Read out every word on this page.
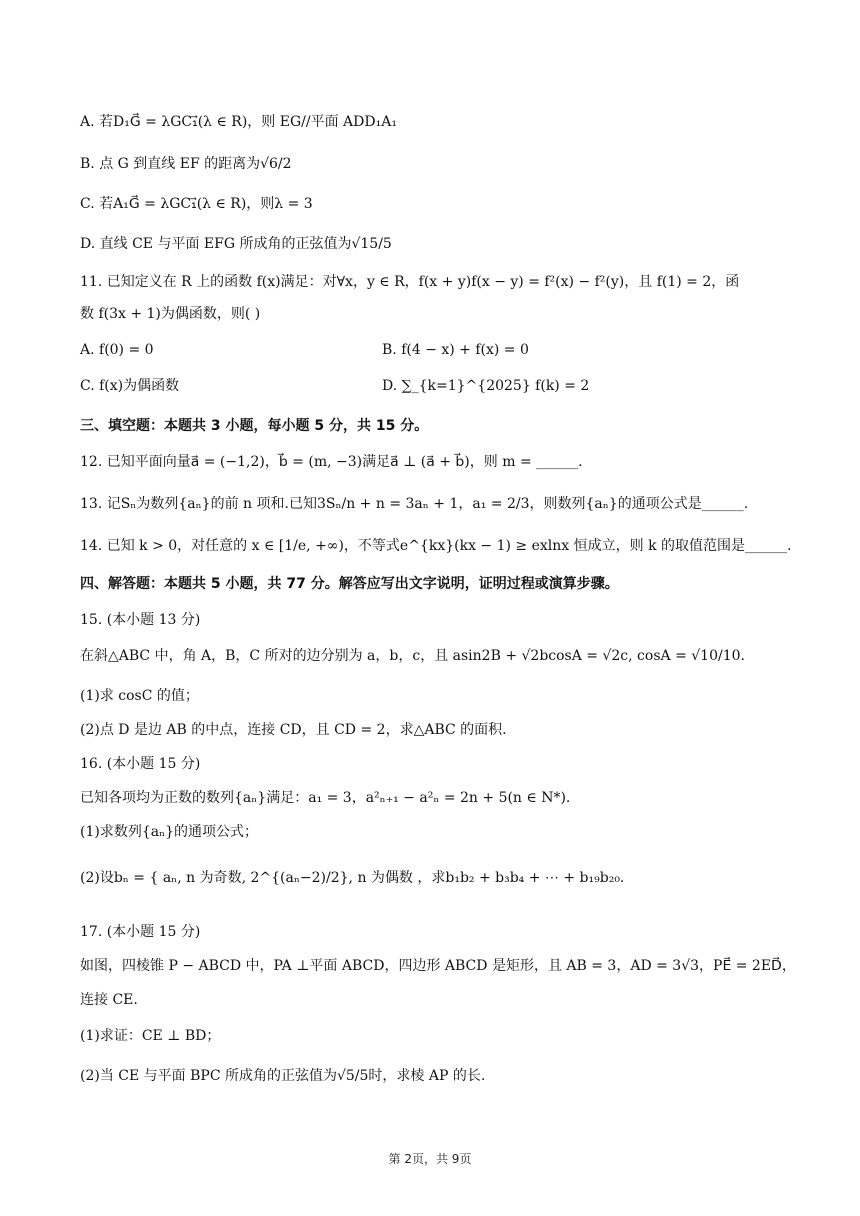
A. 若D₁G⃗ = λGC₁⃗(λ ∈ R)，则 EG//平面 ADD₁A₁
B. 点 G 到直线 EF 的距离为√6/2
C. 若A₁G⃗ = λGC₁⃗(λ ∈ R)，则λ = 3
D. 直线 CE 与平面 EFG 所成角的正弦值为√15/5
11. 已知定义在 R 上的函数 f(x)满足：对∀x，y ∈ R，f(x + y)f(x − y) = f²(x) − f²(y)，且 f(1) = 2，函
数 f(3x + 1)为偶函数，则( )
A. f(0) = 0	B. f(4 − x) + f(x) = 0
C. f(x)为偶函数	D. ∑_{k=1}^{2025} f(k) = 2
三、填空题：本题共 3 小题，每小题 5 分，共 15 分。
12. 已知平面向量a⃗ = (−1,2)，b⃗ = (m, −3)满足a⃗ ⊥ (a⃗ + b⃗)，则 m = ______.
13. 记Sₙ为数列{aₙ}的前 n 项和.已知3Sₙ/n + n = 3aₙ + 1，a₁ = 2/3，则数列{aₙ}的通项公式是______.
14. 已知 k > 0，对任意的 x ∈ [1/e, +∞)，不等式e^{kx}(kx − 1) ≥ exlnx 恒成立，则 k 的取值范围是______.
四、解答题：本题共 5 小题，共 77 分。解答应写出文字说明，证明过程或演算步骤。
15. (本小题 13 分)
在斜△ABC 中，角 A，B，C 所对的边分别为 a，b，c，且 asin2B + √2bcosA = √2c, cosA = √10/10.
(1)求 cosC 的值；
(2)点 D 是边 AB 的中点，连接 CD，且 CD = 2，求△ABC 的面积.
16. (本小题 15 分)
已知各项均为正数的数列{aₙ}满足：a₁ = 3，a²ₙ₊₁ − a²ₙ = 2n + 5(n ∈ N*).
(1)求数列{aₙ}的通项公式；
(2)设bₙ = { aₙ, n 为奇数, 2^{(aₙ−2)/2}, n 为偶数 ，求b₁b₂ + b₃b₄ + ⋯ + b₁₉b₂₀.
17. (本小题 15 分)
如图，四棱锥 P − ABCD 中，PA ⊥平面 ABCD，四边形 ABCD 是矩形，且 AB = 3，AD = 3√3，PE⃗ = 2ED⃗，
连接 CE.
(1)求证：CE ⊥ BD；
(2)当 CE 与平面 BPC 所成角的正弦值为√5/5时，求棱 AP 的长.
第 2页，共 9页
